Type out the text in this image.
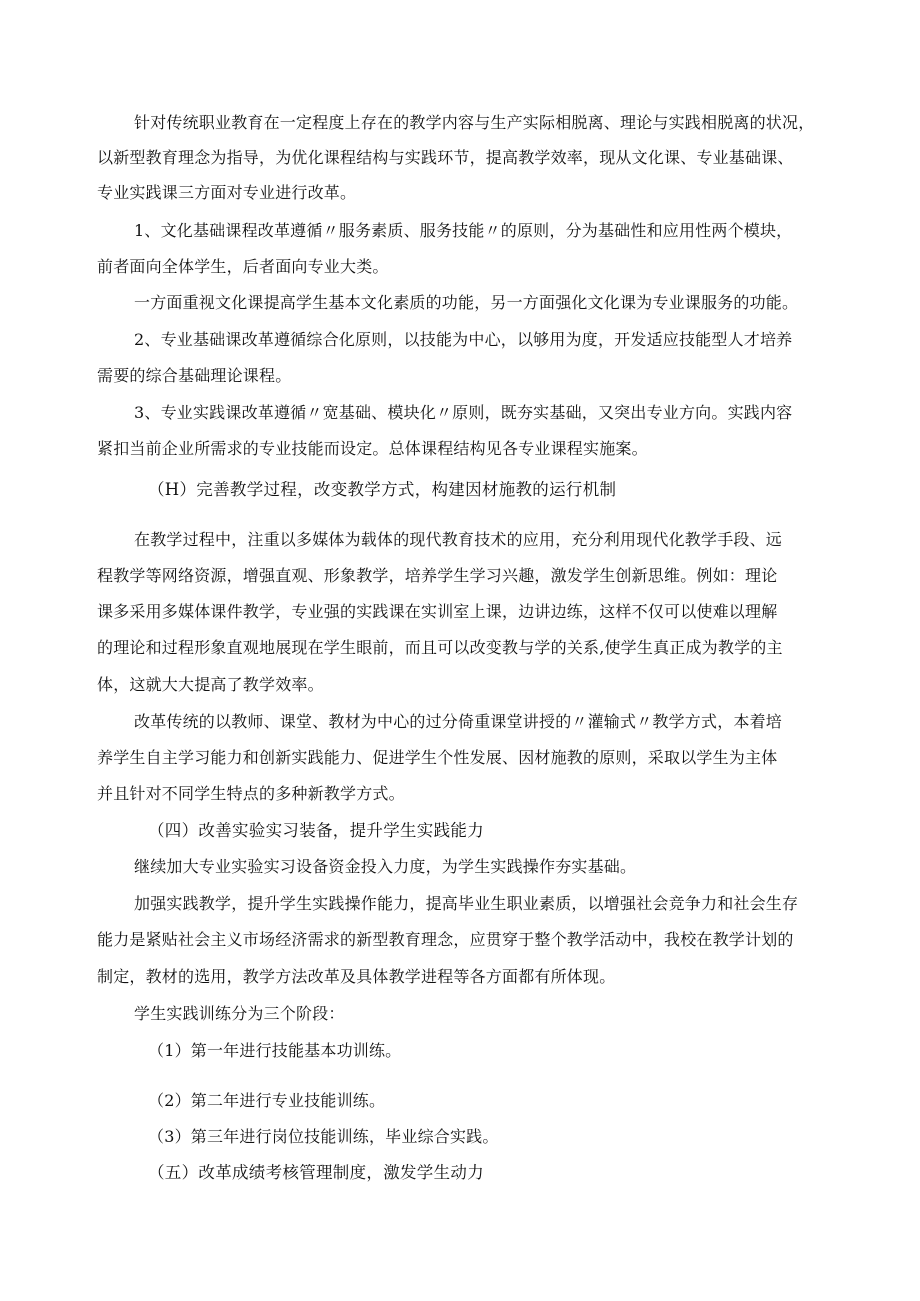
针对传统职业教育在一定程度上存在的教学内容与生产实际相脱离、理论与实践相脱离的状况，

以新型教育理念为指导，为优化课程结构与实践环节，提高教学效率，现从文化课、专业基础课、

专业实践课三方面对专业进行改革。

1、文化基础课程改革遵循〃服务素质、服务技能〃的原则，分为基础性和应用性两个模块，

前者面向全体学生，后者面向专业大类。

一方面重视文化课提高学生基本文化素质的功能，另一方面强化文化课为专业课服务的功能。

2、专业基础课改革遵循综合化原则，以技能为中心，以够用为度，开发适应技能型人才培养

需要的综合基础理论课程。

3、专业实践课改革遵循〃宽基础、模块化〃原则，既夯实基础，又突出专业方向。实践内容

紧扣当前企业所需求的专业技能而设定。总体课程结构见各专业课程实施案。

（H）完善教学过程，改变教学方式，构建因材施教的运行机制

在教学过程中，注重以多媒体为载体的现代教育技术的应用，充分利用现代化教学手段、远

程教学等网络资源，增强直观、形象教学，培养学生学习兴趣，激发学生创新思维。例如：理论

课多采用多媒体课件教学，专业强的实践课在实训室上课，边讲边练，这样不仅可以使难以理解

的理论和过程形象直观地展现在学生眼前，而且可以改变教与学的关系,使学生真正成为教学的主

体，这就大大提高了教学效率。

改革传统的以教师、课堂、教材为中心的过分倚重课堂讲授的〃灌输式〃教学方式，本着培

养学生自主学习能力和创新实践能力、促进学生个性发展、因材施教的原则，采取以学生为主体

并且针对不同学生特点的多种新教学方式。

（四）改善实验实习装备，提升学生实践能力

继续加大专业实验实习设备资金投入力度，为学生实践操作夯实基础。

加强实践教学，提升学生实践操作能力，提高毕业生职业素质，以增强社会竞争力和社会生存

能力是紧贴社会主义市场经济需求的新型教育理念，应贯穿于整个教学活动中，我校在教学计划的

制定，教材的选用，教学方法改革及具体教学进程等各方面都有所体现。

学生实践训练分为三个阶段：

（1）第一年进行技能基本功训练。

（2）第二年进行专业技能训练。

（3）第三年进行岗位技能训练，毕业综合实践。

（五）改革成绩考核管理制度，激发学生动力
